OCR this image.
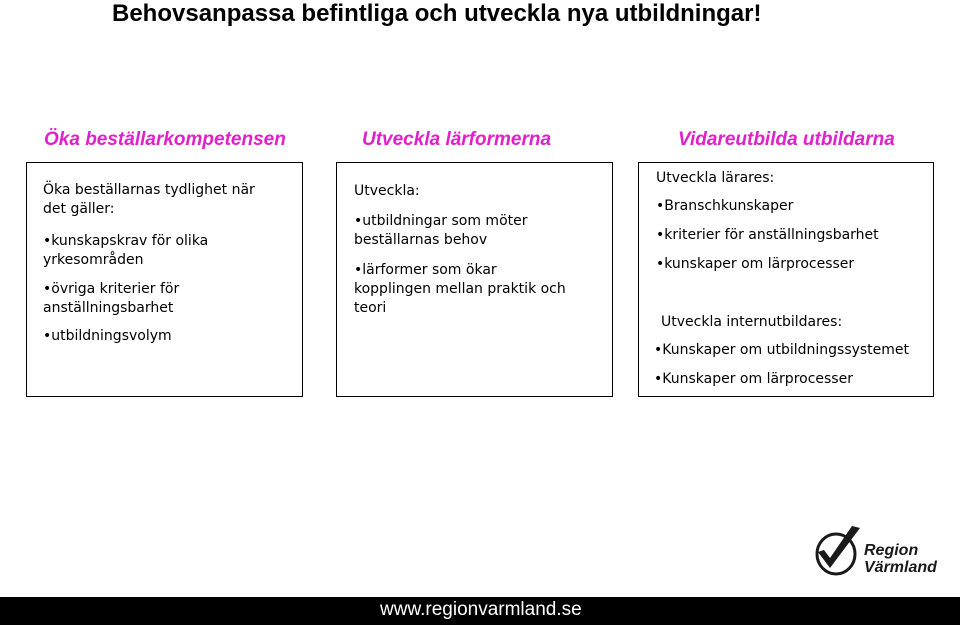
Behovsanpassa befintliga och utveckla nya utbildningar!
Öka beställarkompetensen	Utveckla lärformerna	Vidareutbilda utbildarna
Öka beställarnas tydlighet när
det gäller:
•kunskapskrav för olika
yrkesområden
•övriga kriterier för
anställningsbarhet
•utbildningsvolym
Utveckla:
•utbildningar som möter
beställarnas behov
•lärformer som ökar
kopplingen mellan praktik och
teori
Utveckla lärares:
•Branschkunskaper
•kriterier för anställningsbarhet
•kunskaper om lärprocesser
Utveckla internutbildares:
•Kunskaper om utbildningssystemet
•Kunskaper om lärprocesser
Region
Värmland
www.regionvarmland.se
